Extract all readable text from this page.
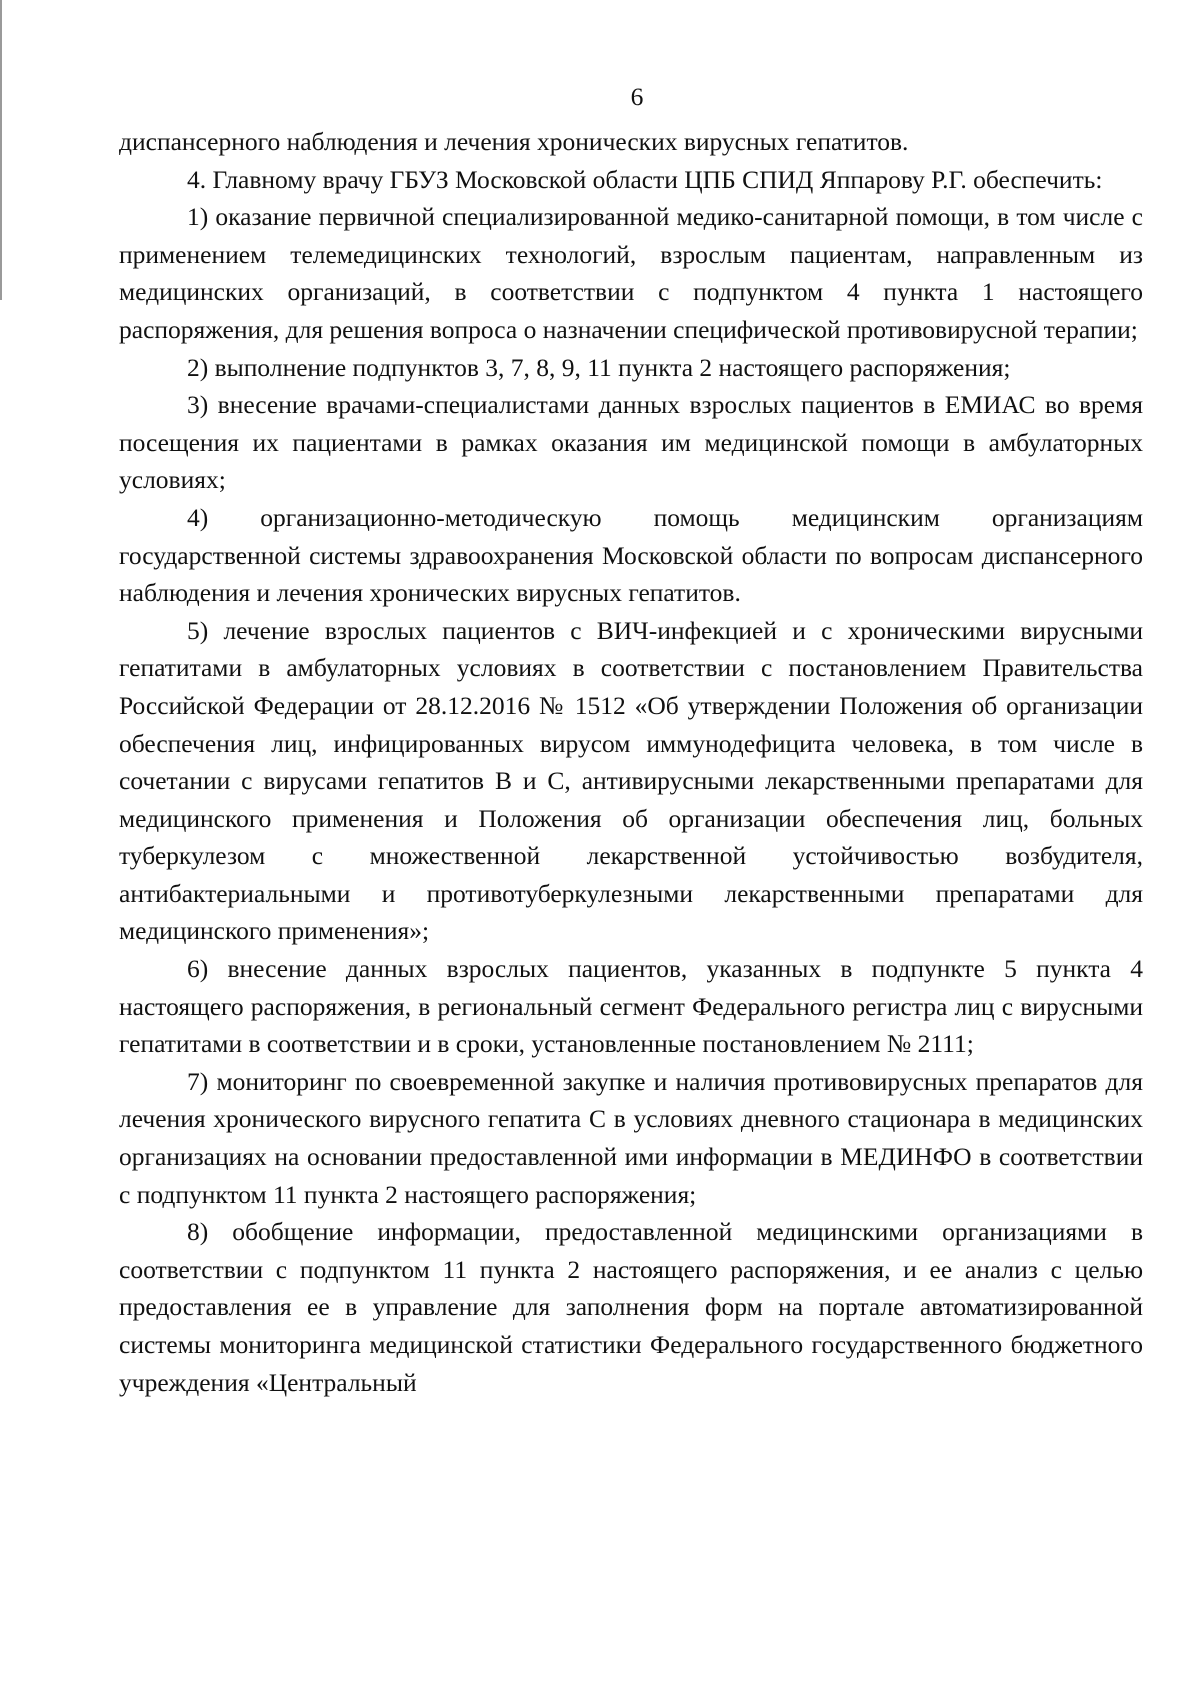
6

диспансерного наблюдения и лечения хронических вирусных гепатитов.

4. Главному врачу ГБУЗ Московской области ЦПБ СПИД Яппарову Р.Г. обеспечить:

1) оказание первичной специализированной медико-санитарной помощи, в том числе с применением телемедицинских технологий, взрослым пациентам, направленным из медицинских организаций, в соответствии с подпунктом 4 пункта 1 настоящего распоряжения, для решения вопроса о назначении специфической противовирусной терапии;

2) выполнение подпунктов 3, 7, 8, 9, 11 пункта 2 настоящего распоряжения;

3) внесение врачами-специалистами данных взрослых пациентов в ЕМИАС во время посещения их пациентами в рамках оказания им медицинской помощи в амбулаторных условиях;

4) организационно-методическую помощь медицинским организациям государственной системы здравоохранения Московской области по вопросам диспансерного наблюдения и лечения хронических вирусных гепатитов.

5) лечение взрослых пациентов с ВИЧ-инфекцией и с хроническими вирусными гепатитами в амбулаторных условиях в соответствии с постановлением Правительства Российской Федерации от 28.12.2016 № 1512 «Об утверждении Положения об организации обеспечения лиц, инфицированных вирусом иммунодефицита человека, в том числе в сочетании с вирусами гепатитов В и С, антивирусными лекарственными препаратами для медицинского применения и Положения об организации обеспечения лиц, больных туберкулезом с множественной лекарственной устойчивостью возбудителя, антибактериальными и противотуберкулезными лекарственными препаратами для медицинского применения»;

6) внесение данных взрослых пациентов, указанных в подпункте 5 пункта 4 настоящего распоряжения, в региональный сегмент Федерального регистра лиц с вирусными гепатитами в соответствии и в сроки, установленные постановлением № 2111;

7) мониторинг по своевременной закупке и наличия противовирусных препаратов для лечения хронического вирусного гепатита С в условиях дневного стационара в медицинских организациях на основании предоставленной ими информации в МЕДИНФО в соответствии с подпунктом 11 пункта 2 настоящего распоряжения;

8) обобщение информации, предоставленной медицинскими организациями в соответствии с подпунктом 11 пункта 2 настоящего распоряжения, и ее анализ с целью предоставления ее в управление для заполнения форм на портале автоматизированной системы мониторинга медицинской статистики Федерального государственного бюджетного учреждения «Центральный
